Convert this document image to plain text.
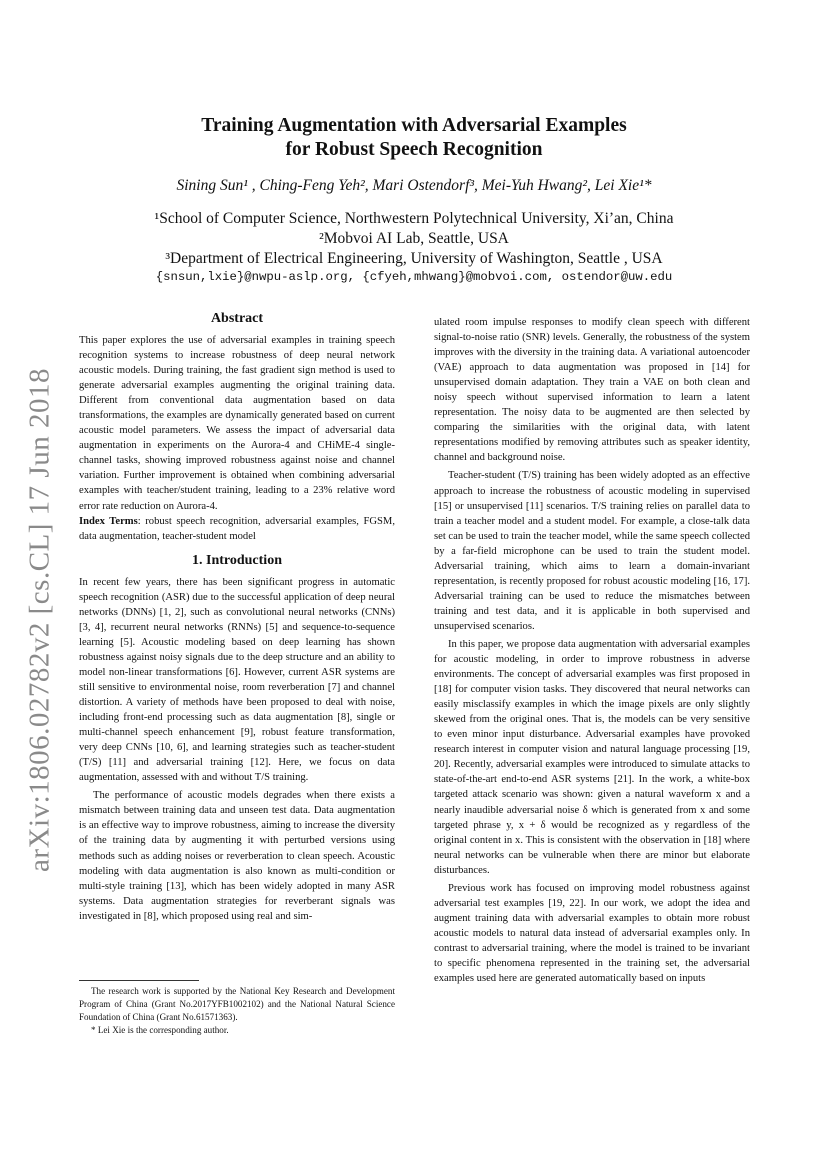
arXiv:1806.02782v2 [cs.CL] 17 Jun 2018
Training Augmentation with Adversarial Examples
for Robust Speech Recognition
Sining Sun¹ , Ching-Feng Yeh², Mari Ostendorf³, Mei-Yuh Hwang², Lei Xie¹*
¹School of Computer Science, Northwestern Polytechnical University, Xi’an, China
²Mobvoi AI Lab, Seattle, USA
³Department of Electrical Engineering, University of Washington, Seattle , USA
{snsun,lxie}@nwpu-aslp.org, {cfyeh,mhwang}@mobvoi.com, ostendor@uw.edu
Abstract

This paper explores the use of adversarial examples in training speech recognition systems to increase robustness of deep neural network acoustic models. During training, the fast gradient sign method is used to generate adversarial examples augmenting the original training data. Different from conventional data augmentation based on data transformations, the examples are dynamically generated based on current acoustic model parameters. We assess the impact of adversarial data augmentation in experiments on the Aurora-4 and CHiME-4 single-channel tasks, showing improved robustness against noise and channel variation. Further improvement is obtained when combining adversarial examples with teacher/student training, leading to a 23% relative word error rate reduction on Aurora-4.

Index Terms: robust speech recognition, adversarial examples, FGSM, data augmentation, teacher-student model

1. Introduction

In recent few years, there has been significant progress in automatic speech recognition (ASR) due to the successful application of deep neural networks (DNNs) [1, 2], such as convolutional neural networks (CNNs) [3, 4], recurrent neural networks (RNNs) [5] and sequence-to-sequence learning [5]. Acoustic modeling based on deep learning has shown robustness against noisy signals due to the deep structure and an ability to model non-linear transformations [6]. However, current ASR systems are still sensitive to environmental noise, room reverberation [7] and channel distortion. A variety of methods have been proposed to deal with noise, including front-end processing such as data augmentation [8], single or multi-channel speech enhancement [9], robust feature transformation, very deep CNNs [10, 6], and learning strategies such as teacher-student (T/S) [11] and adversarial training [12]. Here, we focus on data augmentation, assessed with and without T/S training.

The performance of acoustic models degrades when there exists a mismatch between training data and unseen test data. Data augmentation is an effective way to improve robustness, aiming to increase the diversity of the training data by augmenting it with perturbed versions using methods such as adding noises or reverberation to clean speech. Acoustic modeling with data augmentation is also known as multi-condition or multi-style training [13], which has been widely adopted in many ASR systems. Data augmentation strategies for reverberant signals was investigated in [8], which proposed using real and sim-

The research work is supported by the National Key Research and Development Program of China (Grant No.2017YFB1002102) and the National Natural Science Foundation of China (Grant No.61571363).

* Lei Xie is the corresponding author.

ulated room impulse responses to modify clean speech with different signal-to-noise ratio (SNR) levels. Generally, the robustness of the system improves with the diversity in the training data. A variational autoencoder (VAE) approach to data augmentation was proposed in [14] for unsupervised domain adaptation. They train a VAE on both clean and noisy speech without supervised information to learn a latent representation. The noisy data to be augmented are then selected by comparing the similarities with the original data, with latent representations modified by removing attributes such as speaker identity, channel and background noise.

Teacher-student (T/S) training has been widely adopted as an effective approach to increase the robustness of acoustic modeling in supervised [15] or unsupervised [11] scenarios. T/S training relies on parallel data to train a teacher model and a student model. For example, a close-talk data set can be used to train the teacher model, while the same speech collected by a far-field microphone can be used to train the student model. Adversarial training, which aims to learn a domain-invariant representation, is recently proposed for robust acoustic modeling [16, 17]. Adversarial training can be used to reduce the mismatches between training and test data, and it is applicable in both supervised and unsupervised scenarios.

In this paper, we propose data augmentation with adversarial examples for acoustic modeling, in order to improve robustness in adverse environments. The concept of adversarial examples was first proposed in [18] for computer vision tasks. They discovered that neural networks can easily misclassify examples in which the image pixels are only slightly skewed from the original ones. That is, the models can be very sensitive to even minor input disturbance. Adversarial examples have provoked research interest in computer vision and natural language processing [19, 20]. Recently, adversarial examples were introduced to simulate attacks to state-of-the-art end-to-end ASR systems [21]. In the work, a white-box targeted attack scenario was shown: given a natural waveform x and a nearly inaudible adversarial noise δ which is generated from x and some targeted phrase y, x + δ would be recognized as y regardless of the original content in x. This is consistent with the observation in [18] where neural networks can be vulnerable when there are minor but elaborate disturbances.

Previous work has focused on improving model robustness against adversarial test examples [19, 22]. In our work, we adopt the idea and augment training data with adversarial examples to obtain more robust acoustic models to natural data instead of adversarial examples only. In contrast to adversarial training, where the model is trained to be invariant to specific phenomena represented in the training set, the adversarial examples used here are generated automatically based on inputs
